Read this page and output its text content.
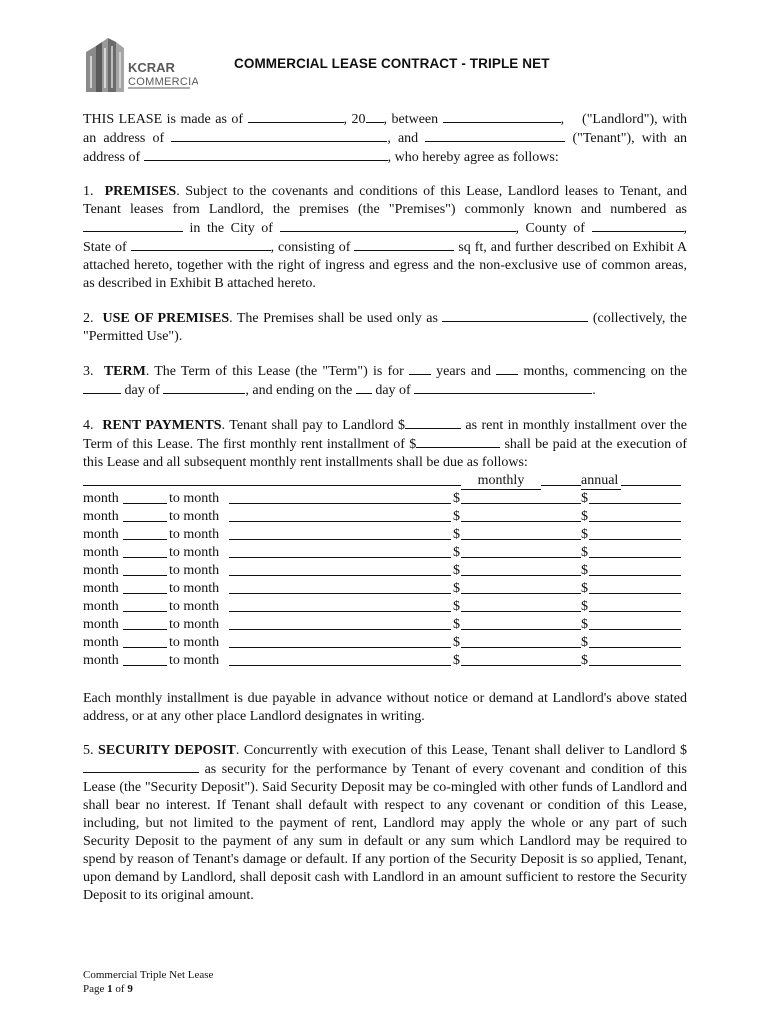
KCRAR
COMMERCIAL
COMMERCIAL LEASE CONTRACT - TRIPLE NET

THIS LEASE is made as of	, 20 , between	, ("Landlord"), with an address of	, and	("Tenant"), with an address of	, who hereby agree as follows:

1. PREMISES. Subject to the covenants and conditions of this Lease, Landlord leases to Tenant, and Tenant leases from Landlord, the premises (the "Premises") commonly known and numbered as  in the City of	, County of	, State of	, consisting of	sq ft, and further described on Exhibit A attached hereto, together with the right of ingress and egress and the non-exclusive use of common areas, as described in Exhibit B attached hereto.

2. USE OF PREMISES. The Premises shall be used only as	(collectively, the "Permitted Use").

3. TERM. The Term of this Lease (the "Term") is for years and months, commencing on the  day of	, and ending on the day of	.

4. RENT PAYMENTS. Tenant shall pay to Landlord $	as rent in monthly installment over the Term of this Lease. The first monthly rent installment of $	shall be paid at the execution of this Lease and all subsequent monthly rent installments shall be due as follows:

monthly	annual
month	to month	$	$
month	to month	$	$
month	to month	$	$
month	to month	$	$
month	to month	$	$
month	to month	$	$
month	to month	$	$
month	to month	$	$
month	to month	$	$
month	to month	$	$

Each monthly installment is due payable in advance without notice or demand at Landlord's above stated address, or at any other place Landlord designates in writing.

5. SECURITY DEPOSIT. Concurrently with execution of this Lease, Tenant shall deliver to Landlord $ as security for the performance by Tenant of every covenant and condition of this Lease (the "Security Deposit"). Said Security Deposit may be co-mingled with other funds of Landlord and shall bear no interest. If Tenant shall default with respect to any covenant or condition of this Lease, including, but not limited to the payment of rent, Landlord may apply the whole or any part of such Security Deposit to the payment of any sum in default or any sum which Landlord may be required to spend by reason of Tenant's damage or default. If any portion of the Security Deposit is so applied, Tenant, upon demand by Landlord, shall deposit cash with Landlord in an amount sufficient to restore the Security Deposit to its original amount.

Commercial Triple Net Lease
Page 1 of 9
